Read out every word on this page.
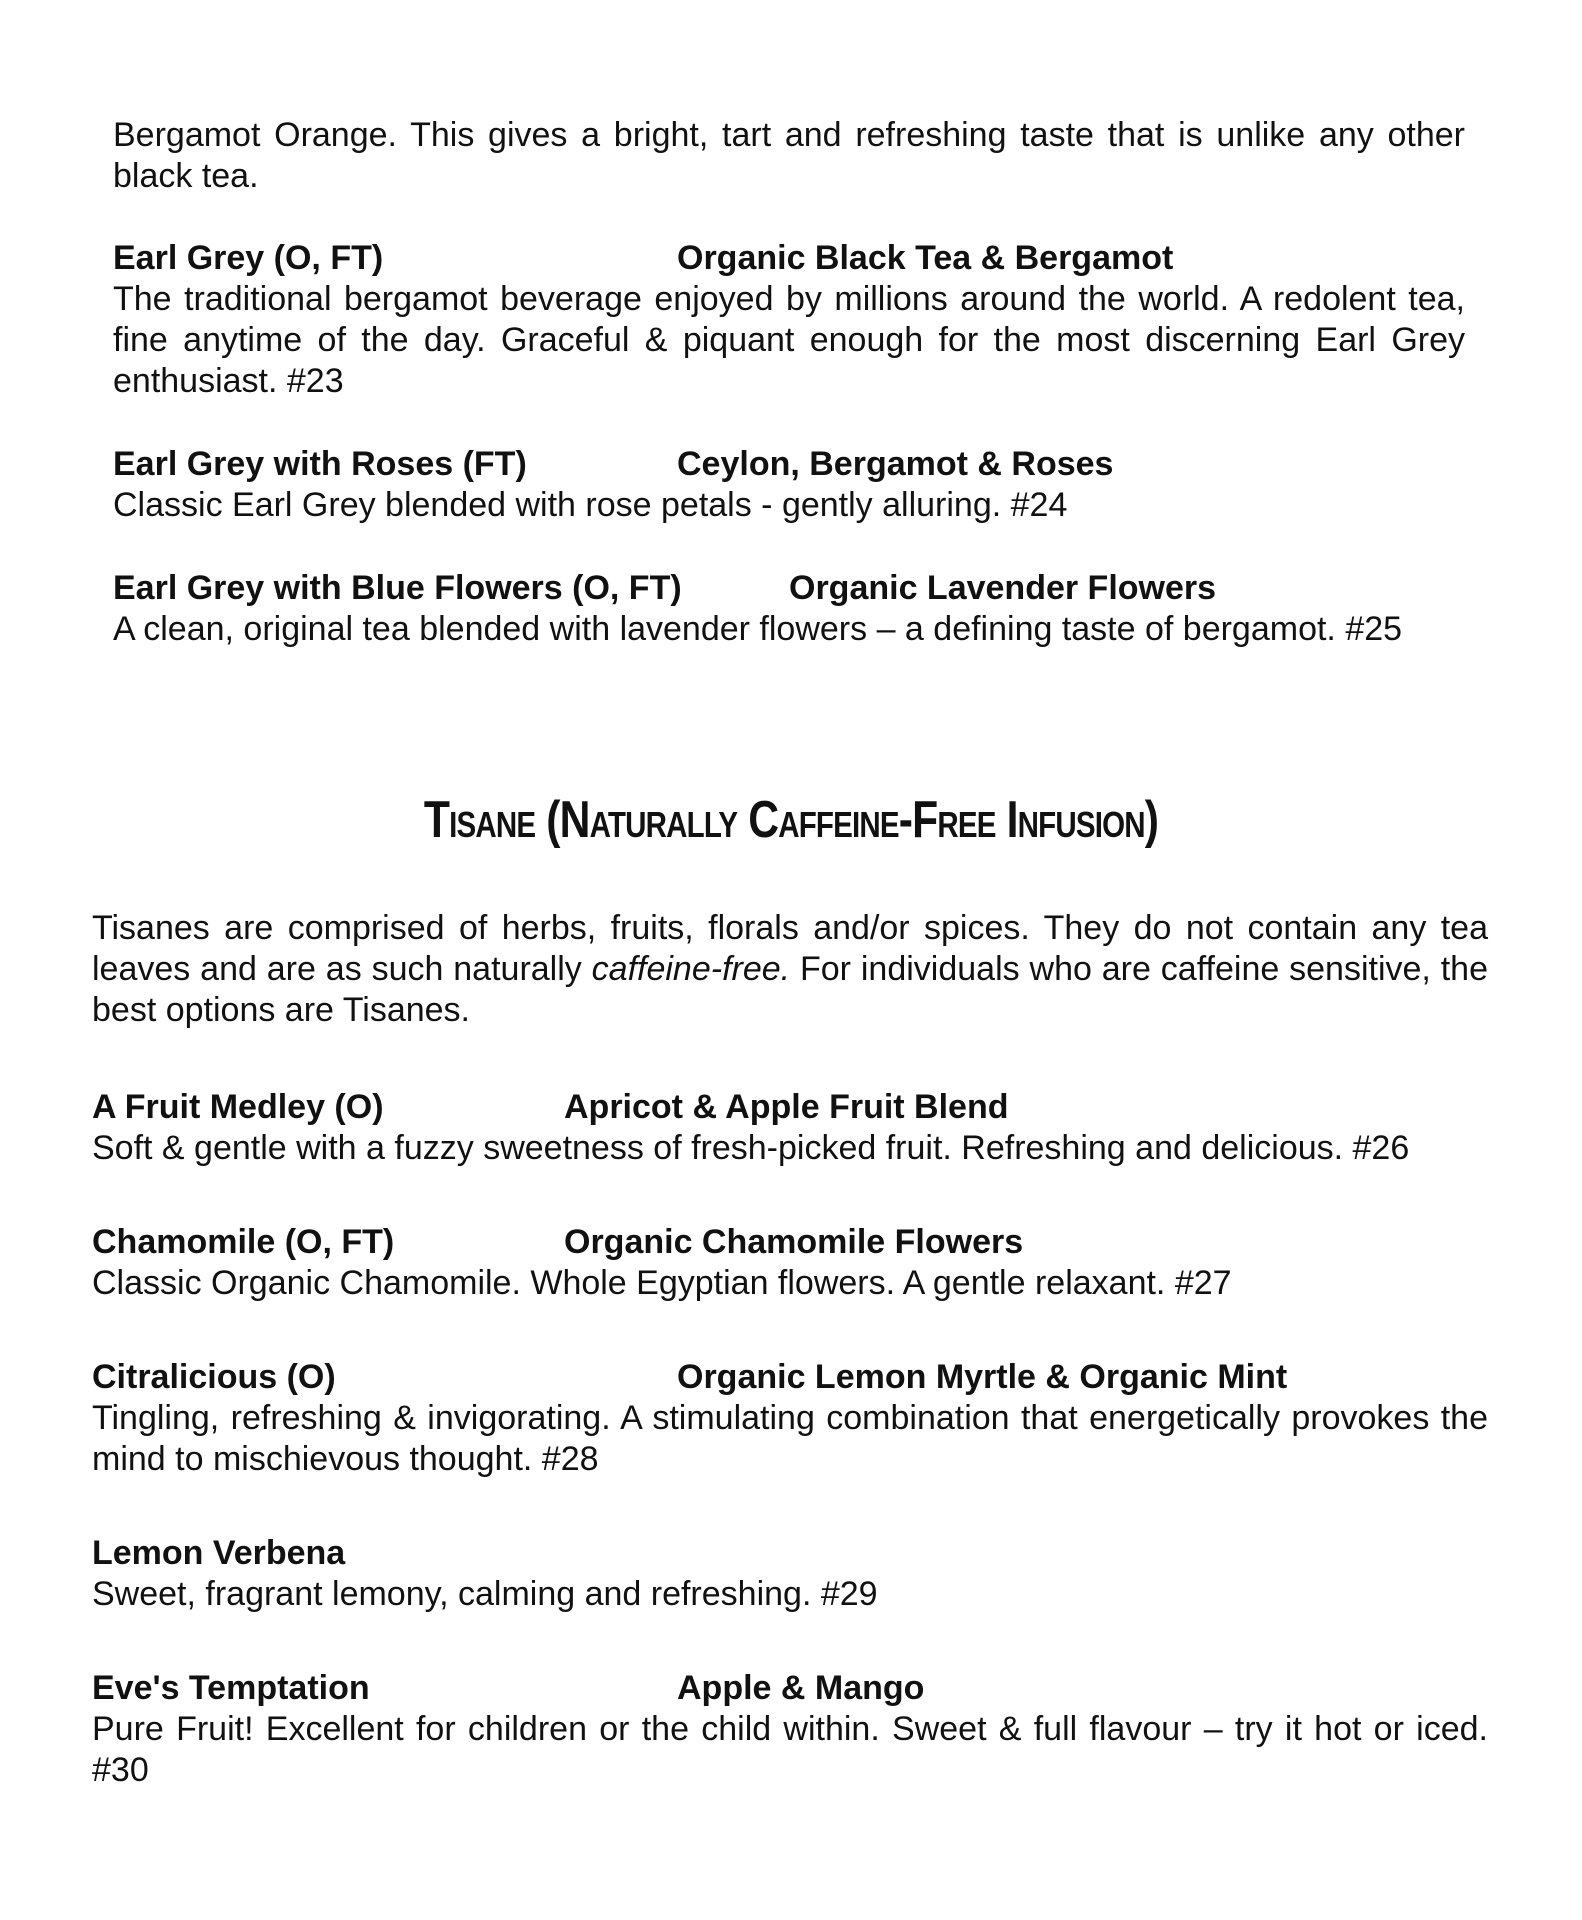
Bergamot Orange. This gives a bright, tart and refreshing taste that is unlike any other black tea.

Earl Grey (O, FT)	Organic Black Tea & Bergamot

The traditional bergamot beverage enjoyed by millions around the world. A redolent tea, fine anytime of the day. Graceful & piquant enough for the most discerning Earl Grey enthusiast. #23

Earl Grey with Roses (FT)	Ceylon, Bergamot & Roses

Classic Earl Grey blended with rose petals - gently alluring. #24

Earl Grey with Blue Flowers (O, FT)	Organic Lavender Flowers

A clean, original tea blended with lavender flowers – a defining taste of bergamot. #25

Tisane (Naturally Caffeine-Free Infusion)

Tisanes are comprised of herbs, fruits, florals and/or spices. They do not contain any tea leaves and are as such naturally caffeine-free. For individuals who are caffeine sensitive, the best options are Tisanes.

A Fruit Medley (O)	Apricot & Apple Fruit Blend

Soft & gentle with a fuzzy sweetness of fresh-picked fruit. Refreshing and delicious. #26

Chamomile (O, FT)	Organic Chamomile Flowers

Classic Organic Chamomile. Whole Egyptian flowers. A gentle relaxant. #27

Citralicious (O)	Organic Lemon Myrtle & Organic Mint

Tingling, refreshing & invigorating. A stimulating combination that energetically provokes the mind to mischievous thought. #28

Lemon Verbena

Sweet, fragrant lemony, calming and refreshing. #29

Eve's Temptation	Apple & Mango

Pure Fruit! Excellent for children or the child within. Sweet & full flavour – try it hot or iced. #30
